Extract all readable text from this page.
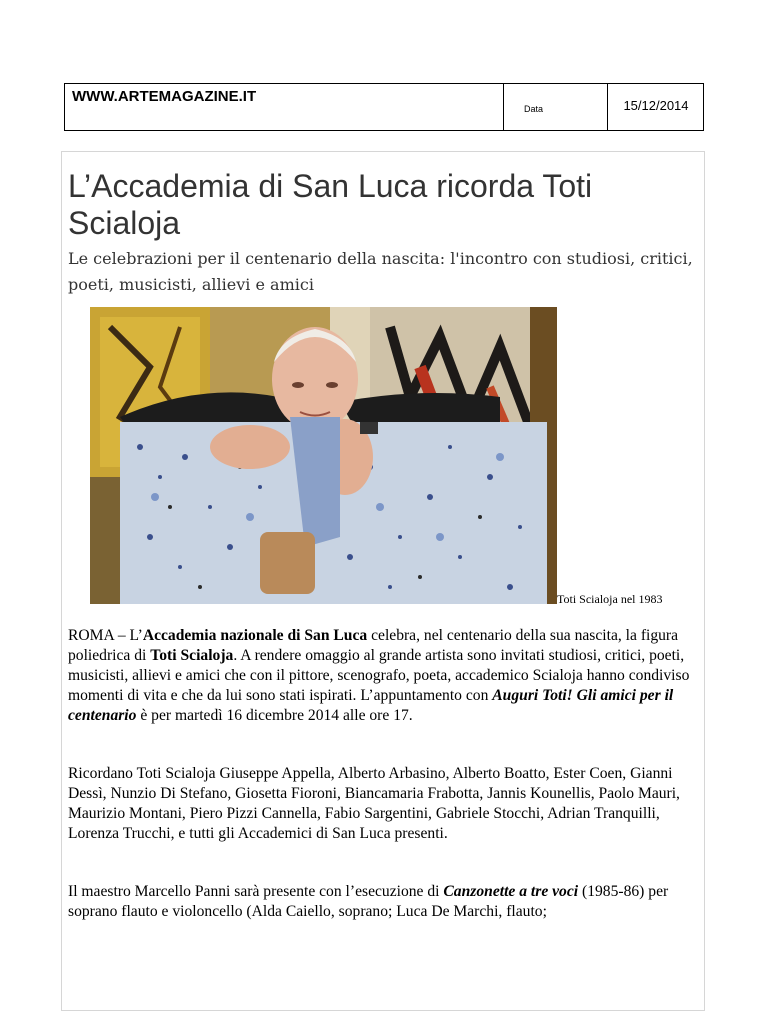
WWW.ARTEMAGAZINE.IT
Data	15/12/2014
L’Accademia di San Luca ricorda Toti Scialoja

Le celebrazioni per il centenario della nascita: l'incontro con studiosi, critici, poeti, musicisti, allievi e amici

Toti Scialoja nel 1983

ROMA – L’Accademia nazionale di San Luca celebra, nel centenario della sua nascita, la figura poliedrica di Toti Scialoja. A rendere omaggio al grande artista sono invitati studiosi, critici, poeti, musicisti, allievi e amici che con il pittore, scenografo, poeta, accademico Scialoja hanno condiviso momenti di vita e che da lui sono stati ispirati. L’appuntamento con Auguri Toti! Gli amici per il centenario è per martedì 16 dicembre 2014 alle ore 17.

Ricordano Toti Scialoja Giuseppe Appella, Alberto Arbasino, Alberto Boatto, Ester Coen, Gianni Dessì, Nunzio Di Stefano, Giosetta Fioroni, Biancamaria Frabotta, Jannis Kounellis, Paolo Mauri, Maurizio Montani, Piero Pizzi Cannella, Fabio Sargentini, Gabriele Stocchi, Adrian Tranquilli, Lorenza Trucchi, e tutti gli Accademici di San Luca presenti.

Il maestro Marcello Panni sarà presente con l’esecuzione di Canzonette a tre voci (1985-86) per soprano flauto e violoncello (Alda Caiello, soprano; Luca De Marchi, flauto;
